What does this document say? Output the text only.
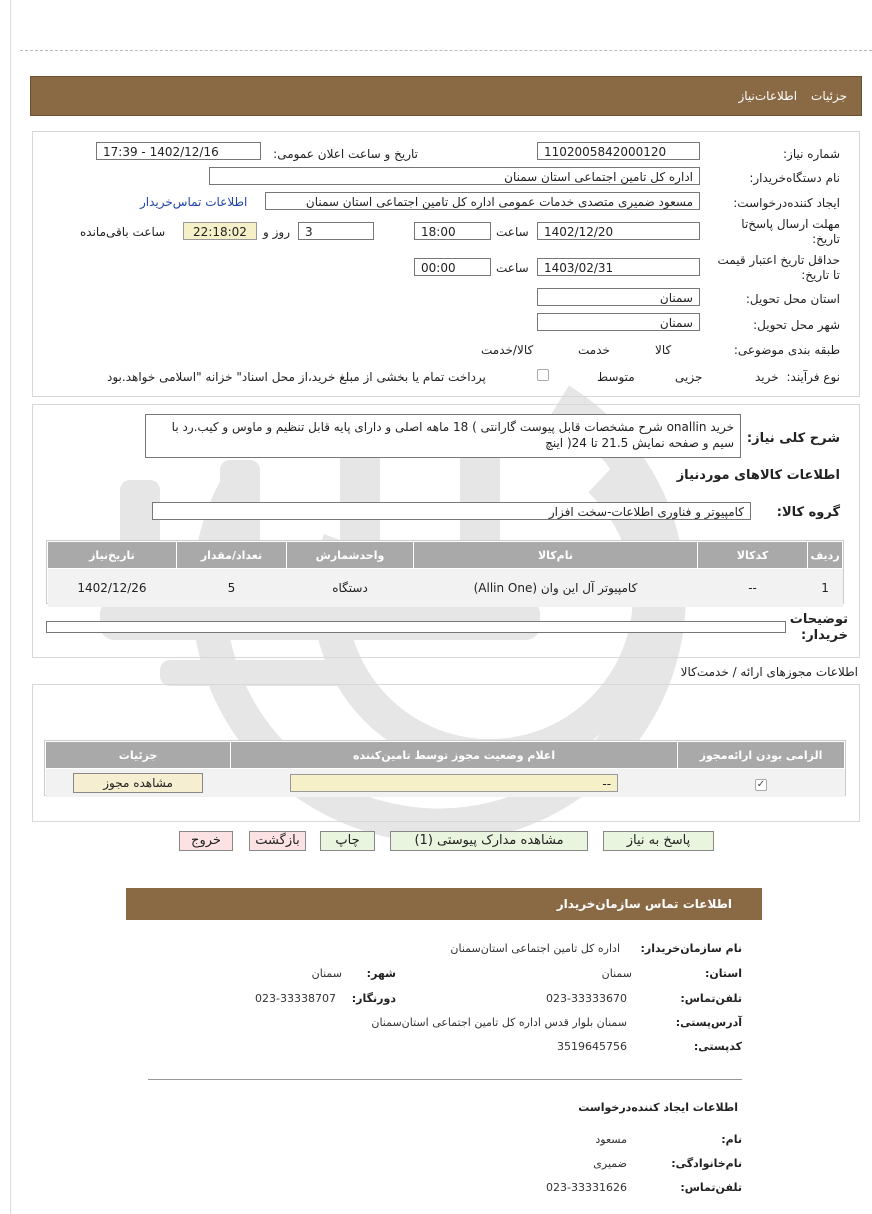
جزئیات
اطلاعات‌نیاز
شماره نیاز:
1102005842000120
تاریخ و ساعت اعلان عمومی:
1402/12/16 - 17:39
نام دستگاه‌خریدار:
اداره کل تامین اجتماعی استان سمنان
ایجاد کننده‌درخواست:
مسعود ضمیری متصدی خدمات عمومی اداره کل تامین اجتماعی استان سمنان
اطلاعات تماس‌خریدار
مهلت ارسال پاسخ‌تا تاریخ:
1402/12/20
ساعت
18:00
3
روز و
22:18:02
ساعت باقی‌مانده
حداقل تاریخ اعتبار قیمت تا تاریخ:
1403/02/31
ساعت
00:00
استان محل تحویل:
سمنان
شهر محل تحویل:
سمنان
طبقه بندی موضوعی:

کالا

خدمت

کالا/خدمت
نوع فرآیند:
خرید

جزیی
متوسط
پرداخت تمام یا بخشی از مبلغ خرید،از محل اسناد" خزانه "اسلامی خواهد.بود
شرح کلی نیاز:
خرید onallin شرح مشخصات قابل پیوست گارانتی ) 18 ماهه اصلی و دارای پایه قابل تنظیم و ماوس و کیب.رد با سیم و صفحه نمایش 21.5 تا 24( اینچ
اطلاعات کالاهای موردنیاز
گروه کالا:
کامپیوتر و فناوری اطلاعات-سخت افزار
ردیف	کدکالا	نام‌کالا	واحدشمارش	تعداد/مقدار	تاریخ‌نیاز
1	--	کامپیوتر آل این وان (Allin One)	دستگاه	5	1402/12/26
توضیحات خریدار:
اطلاعات مجوزهای ارائه / خدمت‌کالا
الزامی بودن ارائه‌مجوز	اعلام وضعیت مجوز توسط تامین‌کننده	جزئیات
✓	--	مشاهده مجوز
پاسخ به نیاز
مشاهده مدارک پیوستی (1)
چاپ
بازگشت
خروج
اطلاعات تماس سازمان‌خریدار
نام سازمان‌خریدار:
اداره کل تامین اجتماعی استان‌سمنان
استان:
سمنان
شهر:
سمنان
تلفن‌تماس:
023-33333670
دورنگار:
023-33338707
آدرس‌پستی:
سمنان بلوار قدس اداره کل تامین اجتماعی استان‌سمنان
کدپستی:
3519645756
اطلاعات ایجاد کننده‌درخواست
نام:
مسعود
نام‌خانوادگی:
ضمیری
تلفن‌تماس:
023-33331626
